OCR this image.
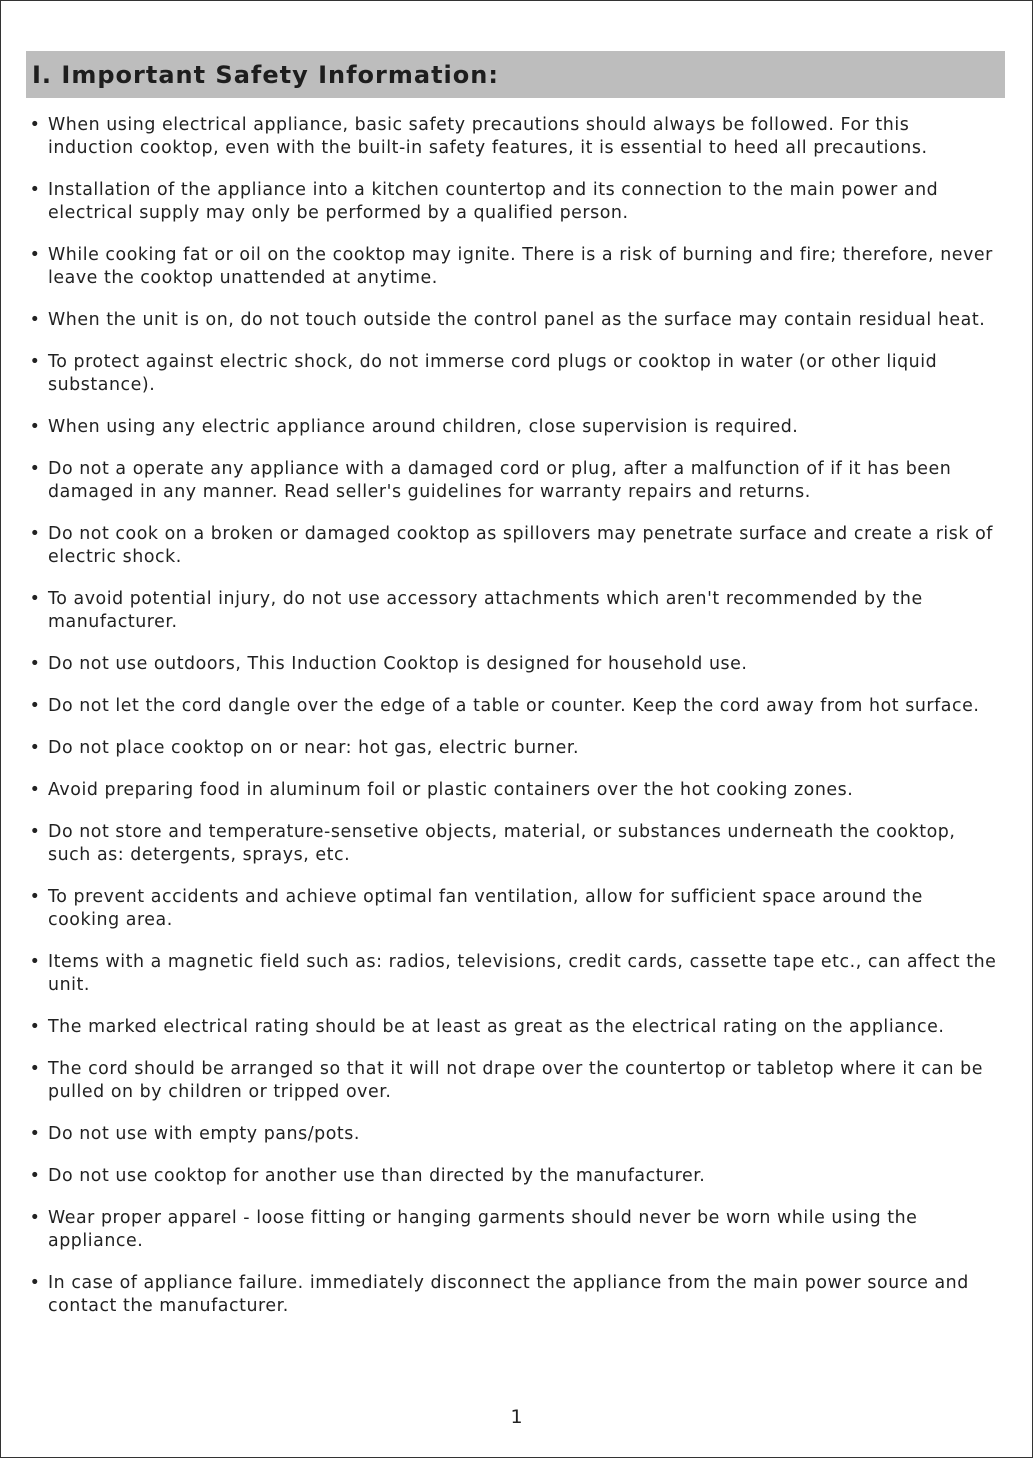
I. Important Safety Information:
• When using electrical appliance, basic safety precautions should always be followed. For this induction cooktop, even with the built-in safety features, it is essential to heed all precautions.
• Installation of the appliance into a kitchen countertop and its connection to the main power and electrical supply may only be performed by a qualified person.
• While cooking fat or oil on the cooktop may ignite. There is a risk of burning and fire; therefore, never leave the cooktop unattended at anytime.
• When the unit is on, do not touch outside the control panel as the surface may contain residual heat.
• To protect against electric shock, do not immerse cord plugs or cooktop in water (or other liquid substance).
• When using any electric appliance around children, close supervision is required.
• Do not a operate any appliance with a damaged cord or plug, after a malfunction of if it has been damaged in any manner. Read seller's guidelines for warranty repairs and returns.
• Do not cook on a broken or damaged cooktop as spillovers may penetrate surface and create a risk of electric shock.
• To avoid potential injury, do not use accessory attachments which aren't recommended by the manufacturer.
• Do not use outdoors, This Induction Cooktop is designed for household use.
• Do not let the cord dangle over the edge of a table or counter. Keep the cord away from hot surface.
• Do not place cooktop on or near: hot gas, electric burner.
• Avoid preparing food in aluminum foil or plastic containers over the hot cooking zones.
• Do not store and temperature-sensetive objects, material, or substances underneath the cooktop, such as: detergents, sprays, etc.
• To prevent accidents and achieve optimal fan ventilation, allow for sufficient space around the cooking area.
• Items with a magnetic field such as: radios, televisions, credit cards, cassette tape etc., can affect the unit.
• The marked electrical rating should be at least as great as the electrical rating on the appliance.
• The cord should be arranged so that it will not drape over the countertop or tabletop where it can be pulled on by children or tripped over.
• Do not use with empty pans/pots.
• Do not use cooktop for another use than directed by the manufacturer.
• Wear proper apparel - loose fitting or hanging garments should never be worn while using the appliance.
• In case of appliance failure. immediately disconnect the appliance from the main power source and contact the manufacturer.
1
